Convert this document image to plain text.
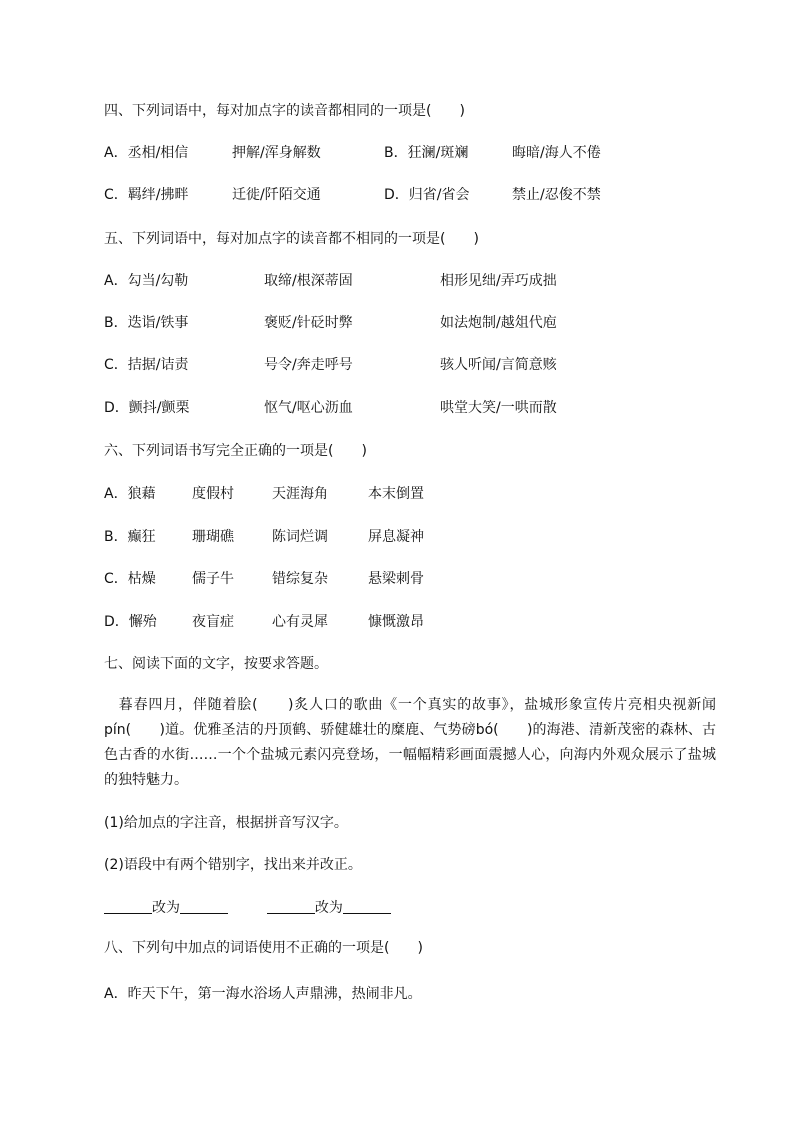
四、下列词语中，每对加点字的读音都相同的一项是(　　)
A．丞相/相信	押解/浑身解数	B．狂澜/斑斓	晦暗/海人不倦
C．羁绊/拂畔	迁徙/阡陌交通	D．归省/省会	禁止/忍俊不禁
五、下列词语中，每对加点字的读音都不相同的一项是(　　)
A．勾当/勾勒	取缔/根深蒂固	相形见绌/弄巧成拙
B．迭诣/铁事	褒贬/针砭时弊	如法炮制/越俎代庖
C．拮据/诘责	号令/奔走呼号	骇人听闻/言简意赅
D．颤抖/颤栗	怄气/呕心沥血	哄堂大笑/一哄而散
六、下列词语书写完全正确的一项是(　　)
A．狼藉	度假村	天涯海角	本末倒置
B．癫狂	珊瑚礁	陈词烂调	屏息凝神
C．枯燥	儒子牛	错综复杂	悬梁刺骨
D．懈殆	夜盲症	心有灵犀	慷慨激昂
七、阅读下面的文字，按要求答题。
　暮春四月，伴随着脍(　　)炙人口的歌曲《一个真实的故事》，盐城形象宣传片亮相央视新闻pín(　　)道。优雅圣洁的丹顶鹤、骄健雄壮的糜鹿、气势磅bó(　　)的海港、清新茂密的森林、古色古香的水街……一个个盐城元素闪亮登场，一幅幅精彩画面震撼人心，向海内外观众展示了盐城的独特魅力。
(1)给加点的字注音，根据拼音写汉字。
(2)语段中有两个错别字，找出来并改正。
改为	改为
八、下列句中加点的词语使用不正确的一项是(　　)
A．昨天下午，第一海水浴场人声鼎沸，热闹非凡。
